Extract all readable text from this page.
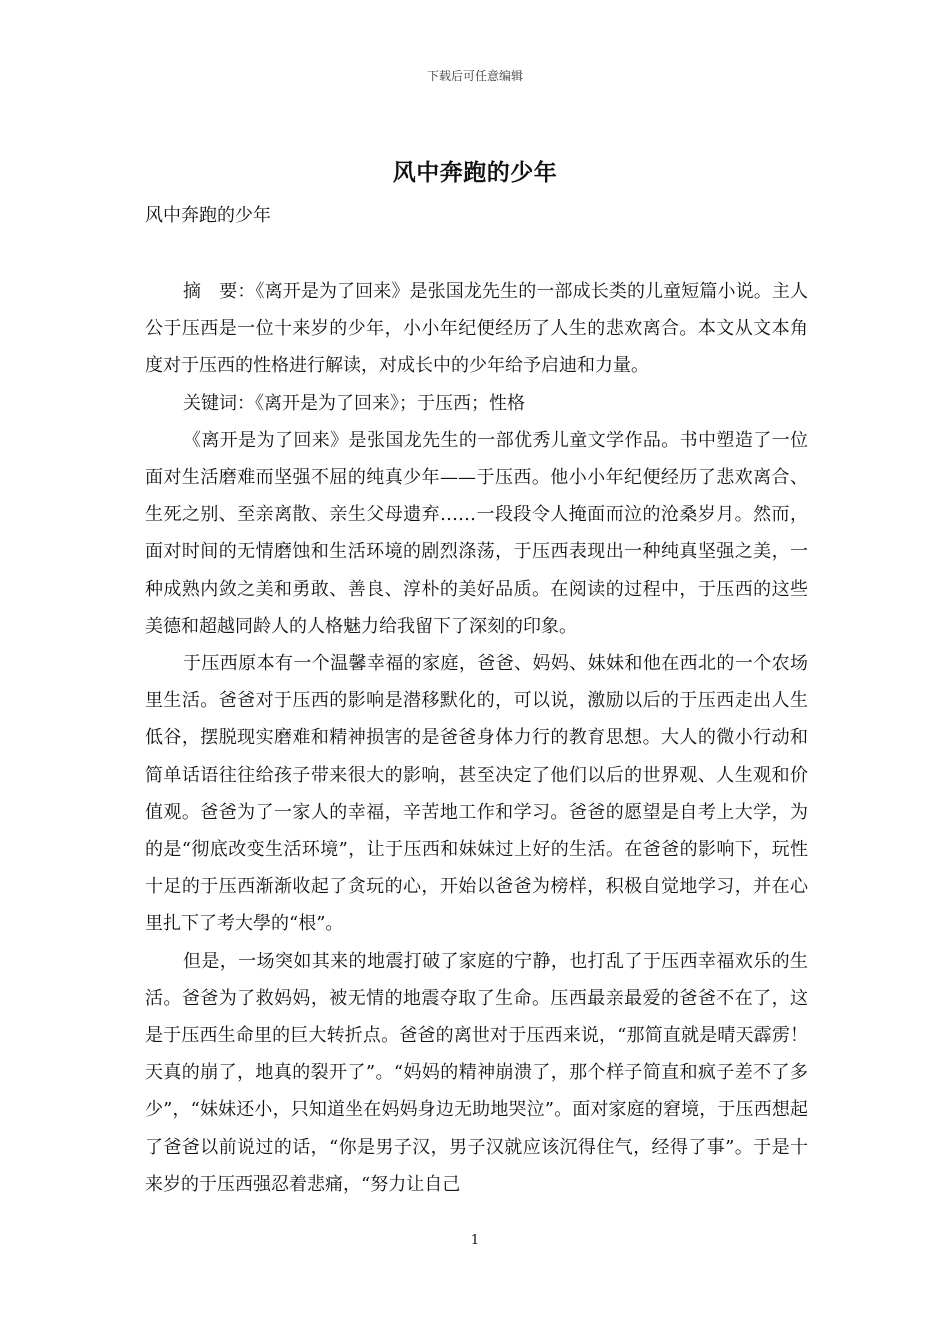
下载后可任意编辑
风中奔跑的少年
风中奔跑的少年

摘　要：《离开是为了回来》是张国龙先生的一部成长类的儿童短篇小说。主人公于压西是一位十来岁的少年，小小年纪便经历了人生的悲欢离合。本文从文本角度对于压西的性格进行解读，对成长中的少年给予启迪和力量。

关键词：《离开是为了回来》；于压西；性格

《离开是为了回来》是张国龙先生的一部优秀儿童文学作品。书中塑造了一位面对生活磨难而坚强不屈的纯真少年——于压西。他小小年纪便经历了悲欢离合、生死之别、至亲离散、亲生父母遗弃……一段段令人掩面而泣的沧桑岁月。然而，面对时间的无情磨蚀和生活环境的剧烈涤荡，于压西表现出一种纯真坚强之美，一种成熟内敛之美和勇敢、善良、淳朴的美好品质。在阅读的过程中，于压西的这些美德和超越同龄人的人格魅力给我留下了深刻的印象。

于压西原本有一个温馨幸福的家庭，爸爸、妈妈、妹妹和他在西北的一个农场里生活。爸爸对于压西的影响是潜移默化的，可以说，激励以后的于压西走出人生低谷，摆脱现实磨难和精神损害的是爸爸身体力行的教育思想。大人的微小行动和简单话语往往给孩子带来很大的影响，甚至决定了他们以后的世界观、人生观和价值观。爸爸为了一家人的幸福，辛苦地工作和学习。爸爸的愿望是自考上大学，为的是“彻底改变生活环境”，让于压西和妹妹过上好的生活。在爸爸的影响下，玩性十足的于压西渐渐收起了贪玩的心，开始以爸爸为榜样，积极自觉地学习，并在心里扎下了考大學的“根”。

但是，一场突如其来的地震打破了家庭的宁静，也打乱了于压西幸福欢乐的生活。爸爸为了救妈妈，被无情的地震夺取了生命。压西最亲最爱的爸爸不在了，这是于压西生命里的巨大转折点。爸爸的离世对于压西来说，“那简直就是晴天霹雳！天真的崩了，地真的裂开了”。“妈妈的精神崩溃了，那个样子简直和疯子差不了多少”，“妹妹还小，只知道坐在妈妈身边无助地哭泣”。面对家庭的窘境，于压西想起了爸爸以前说过的话，“你是男子汉，男子汉就应该沉得住气，经得了事”。于是十来岁的于压西强忍着悲痛，“努力让自己

1
